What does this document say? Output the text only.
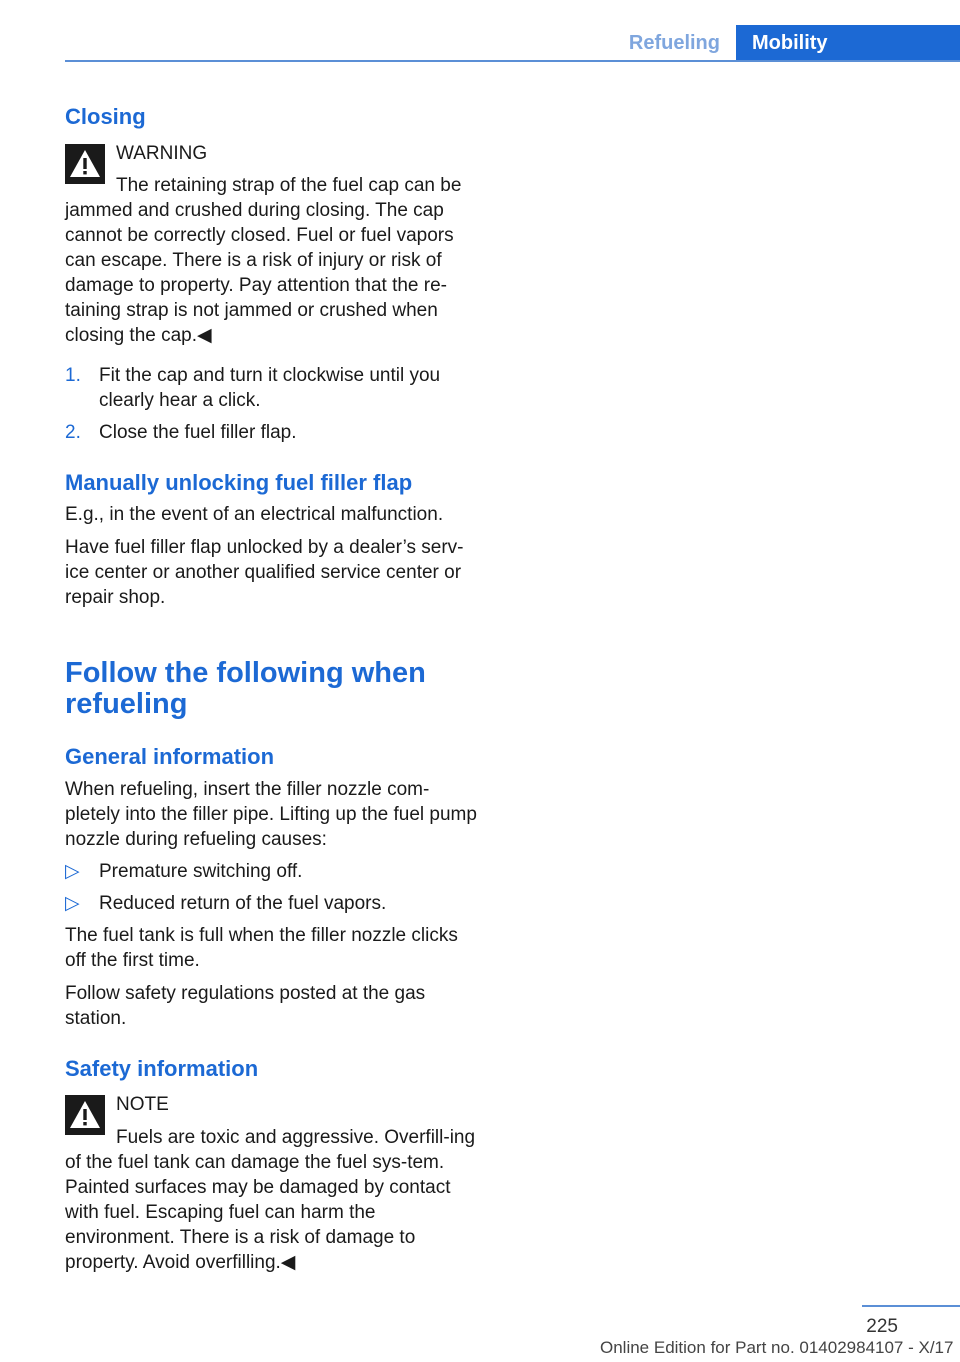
Refueling	Mobility
Closing
WARNING
The retaining strap of the fuel cap can be jammed and crushed during closing. The cap cannot be correctly closed. Fuel or fuel vapors can escape. There is a risk of injury or risk of damage to property. Pay attention that the re‐taining strap is not jammed or crushed when closing the cap.◀
1. Fit the cap and turn it clockwise until you clearly hear a click.
2. Close the fuel filler flap.
Manually unlocking fuel filler flap
E.g., in the event of an electrical malfunction.
Have fuel filler flap unlocked by a dealer’s serv‐ice center or another qualified service center or repair shop.
Follow the following when refueling
General information
When refueling, insert the filler nozzle com‐pletely into the filler pipe. Lifting up the fuel pump nozzle during refueling causes:
▷ Premature switching off.
▷ Reduced return of the fuel vapors.
The fuel tank is full when the filler nozzle clicks off the first time.
Follow safety regulations posted at the gas station.
Safety information
NOTE
Fuels are toxic and aggressive. Overfill‐ing of the fuel tank can damage the fuel sys‐tem. Painted surfaces may be damaged by contact with fuel. Escaping fuel can harm the environment. There is a risk of damage to property. Avoid overfilling.◀
225
Online Edition for Part no. 01402984107 - X/17
